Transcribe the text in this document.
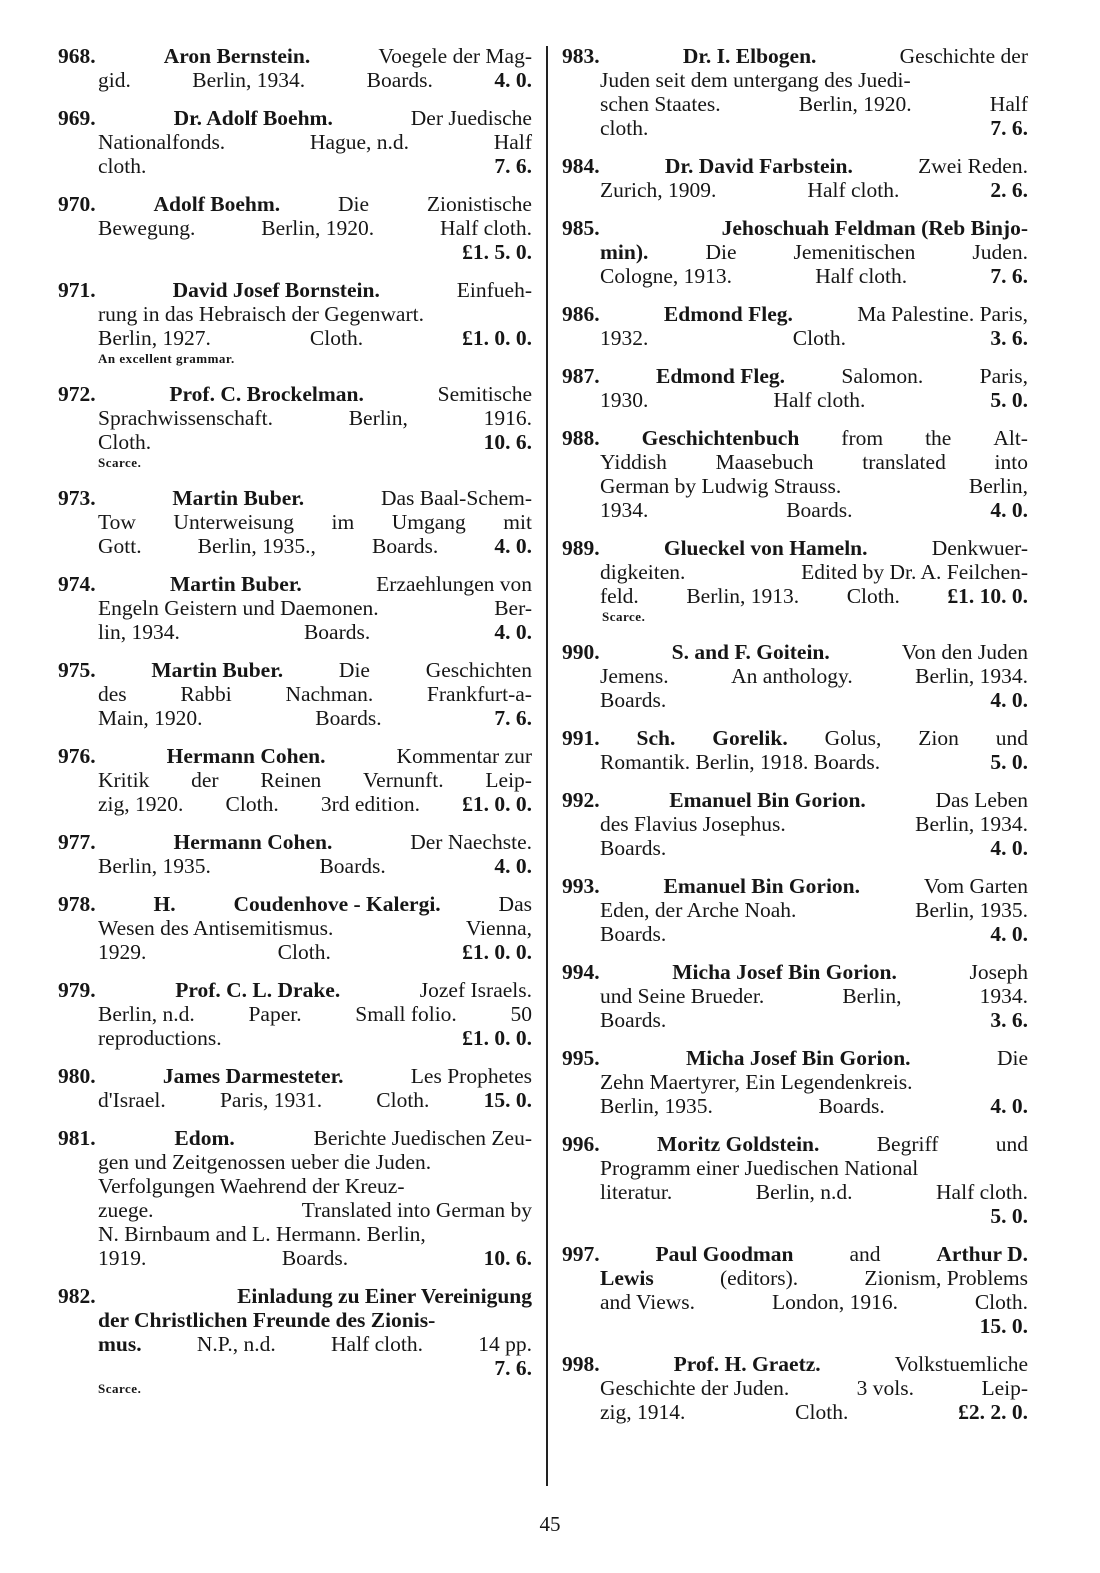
968.	Aron Bernstein.	Voegele der Mag-
gid.	Berlin, 1934.	Boards.	4. 0.
969.	Dr. Adolf Boehm.	Der Juedische
Nationalfonds.	Hague, n.d.	Half
cloth.	7. 6.
970.	Adolf Boehm.	Die	Zionistische
Bewegung.	Berlin, 1920.	Half cloth.
£1. 5. 0.
971.	David Josef Bornstein.	Einfueh-
rung in das Hebraisch der Gegenwart.
Berlin, 1927.	Cloth.	£1. 0. 0.
An excellent grammar.
972.	Prof. C. Brockelman.	Semitische
Sprachwissenschaft.	Berlin,	1916.
Cloth.	10. 6.
Scarce.
973.	Martin Buber.	Das Baal-Schem-
Tow Unterweisung im Umgang mit
Gott.	Berlin, 1935.,	Boards.	4. 0.
974.	Martin Buber.	Erzaehlungen von
Engeln Geistern und Daemonen.	Ber-
lin, 1934.	Boards.	4. 0.
975.	Martin Buber.	Die	Geschichten
des Rabbi Nachman. Frankfurt-a-
Main, 1920.	Boards.	7. 6.
976.	Hermann Cohen.	Kommentar zur
Kritik der Reinen Vernunft. Leip-
zig, 1920. Cloth. 3rd edition. £1. 0. 0.
977.	Hermann Cohen.	Der Naechste.
Berlin, 1935.	Boards.	4. 0.
978.	H.	Coudenhove - Kalergi.	Das
Wesen des Antisemitismus.	Vienna,
1929.	Cloth.	£1. 0. 0.
979.	Prof. C. L. Drake.	Jozef Israels.
Berlin, n.d. Paper. Small folio. 50
reproductions.	£1. 0. 0.
980.	James Darmesteter.	Les Prophetes
d'Israel.	Paris, 1931.	Cloth.	15. 0.
981.	Edom.	Berichte Juedischen Zeu-
gen und Zeitgenossen ueber die Juden.
Verfolgungen Waehrend der Kreuz-
zuege.	Translated into German by
N. Birnbaum and L. Hermann. Berlin,
1919.	Boards.	10. 6.
982.	Einladung zu Einer Vereinigung
der Christlichen Freunde des Zionis-
mus.	N.P., n.d.	Half cloth.	14 pp.
7. 6.
Scarce.
983.	Dr. I. Elbogen.	Geschichte der
Juden seit dem untergang des Juedi-
schen Staates.	Berlin, 1920.	Half
cloth.	7. 6.
984.	Dr. David Farbstein.	Zwei Reden.
Zurich, 1909.	Half cloth.	2. 6.
985.	Jehoschuah Feldman (Reb Binjo-
min).	Die	Jemenitischen	Juden.
Cologne, 1913.	Half cloth.	7. 6.
986.	Edmond Fleg.	Ma Palestine. Paris,
1932.	Cloth.	3. 6.
987.	Edmond Fleg.	Salomon.	Paris,
1930.	Half cloth.	5. 0.
988. Geschichtenbuch from the Alt-
Yiddish Maasebuch translated into
German by Ludwig Strauss.	Berlin,
1934.	Boards.	4. 0.
989.	Glueckel von Hameln.	Denkwuer-
digkeiten.	Edited by Dr. A. Feilchen-
feld. Berlin, 1913. Cloth. £1. 10. 0.
Scarce.
990.	S. and F. Goitein.	Von den Juden
Jemens.	An anthology.	Berlin, 1934.
Boards.	4. 0.
991. Sch. Gorelik. Golus, Zion und
Romantik. Berlin, 1918. Boards.	5. 0.
992.	Emanuel Bin Gorion.	Das Leben
des Flavius Josephus.	Berlin, 1934.
Boards.	4. 0.
993.	Emanuel Bin Gorion.	Vom Garten
Eden, der Arche Noah.	Berlin, 1935.
Boards.	4. 0.
994.	Micha Josef Bin Gorion.	Joseph
und Seine Brueder.	Berlin,	1934.
Boards.	3. 6.
995.	Micha Josef Bin Gorion.	Die
Zehn Maertyrer, Ein Legendenkreis.
Berlin, 1935.	Boards.	4. 0.
996.	Moritz Goldstein.	Begriff	und
Programm einer Juedischen National
literatur.	Berlin, n.d.	Half cloth.
5. 0.
997.	Paul Goodman	and	Arthur D.
Lewis	(editors).	Zionism, Problems
and Views.	London, 1916.	Cloth.
15. 0.
998.	Prof. H. Graetz.	Volkstuemliche
Geschichte der Juden.	3 vols.	Leip-
zig, 1914.	Cloth.	£2. 2. 0.
45
